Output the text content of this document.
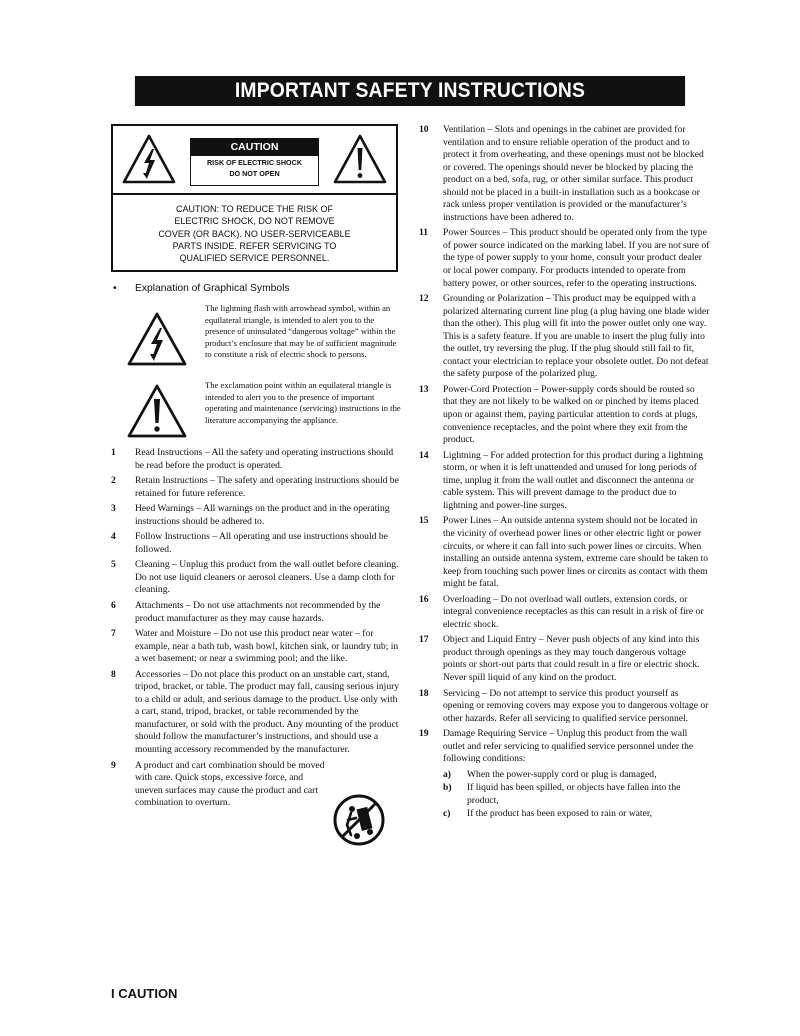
IMPORTANT SAFETY INSTRUCTIONS
CAUTION
RISK OF ELECTRIC SHOCK
DO NOT OPEN
CAUTION: TO REDUCE THE RISK OF
ELECTRIC SHOCK, DO NOT REMOVE
COVER (OR BACK). NO USER-SERVICEABLE
PARTS INSIDE. REFER SERVICING TO
QUALIFIED SERVICE PERSONNEL.
• Explanation of Graphical Symbols
The lightning flash with arrowhead symbol, within an equilateral triangle, is intended to alert you to the presence of uninsulated “dangerous voltage” within the product’s enclosure that may be of sufficient magnitude to constitute a risk of electric shock to persons.
The exclamation point within an equilateral triangle is intended to alert you to the presence of important operating and maintenance (servicing) instructions in the literature accompanying the appliance.
1 Read Instructions – All the safety and operating instructions should be read before the product is operated.
2 Retain Instructions – The safety and operating instructions should be retained for future reference.
3 Heed Warnings – All warnings on the product and in the operating instructions should be adhered to.
4 Follow Instructions – All operating and use instructions should be followed.
5 Cleaning – Unplug this product from the wall outlet before cleaning. Do not use liquid cleaners or aerosol cleaners. Use a damp cloth for cleaning.
6 Attachments – Do not use attachments not recommended by the product manufacturer as they may cause hazards.
7 Water and Moisture – Do not use this product near water – for example, near a bath tub, wash bowl, kitchen sink, or laundry tub; in a wet basement; or near a swimming pool; and the like.
8 Accessories – Do not place this product on an unstable cart, stand, tripod, bracket, or table. The product may fall, causing serious injury to a child or adult, and serious damage to the product. Use only with a cart, stand, tripod, bracket, or table recommended by the manufacturer, or sold with the product. Any mounting of the product should follow the manufacturer’s instructions, and should use a mounting accessory recommended by the manufacturer.
9 A product and cart combination should be moved with care. Quick stops, excessive force, and uneven surfaces may cause the product and cart combination to overturn.
10 Ventilation – Slots and openings in the cabinet are provided for ventilation and to ensure reliable operation of the product and to protect it from overheating, and these openings must not be blocked or covered. The openings should never be blocked by placing the product on a bed, sofa, rug, or other similar surface. This product should not be placed in a built-in installation such as a bookcase or rack unless proper ventilation is provided or the manufacturer’s instructions have been adhered to.
11 Power Sources – This product should be operated only from the type of power source indicated on the marking label. If you are not sure of the type of power supply to your home, consult your product dealer or local power company. For products intended to operate from battery power, or other sources, refer to the operating instructions.
12 Grounding or Polarization – This product may be equipped with a polarized alternating current line plug (a plug having one blade wider than the other). This plug will fit into the power outlet only one way. This is a safety feature. If you are unable to insert the plug fully into the outlet, try reversing the plug. If the plug should still fail to fit, contact your electrician to replace your obsolete outlet. Do not defeat the safety purpose of the polarized plug.
13 Power-Cord Protection – Power-supply cords should be routed so that they are not likely to be walked on or pinched by items placed upon or against them, paying particular attention to cords at plugs, convenience receptacles, and the point where they exit from the product.
14 Lightning – For added protection for this product during a lightning storm, or when it is left unattended and unused for long periods of time, unplug it from the wall outlet and disconnect the antenna or cable system. This will prevent damage to the product due to lightning and power-line surges.
15 Power Lines – An outside antenna system should not be located in the vicinity of overhead power lines or other electric light or power circuits, or where it can fall into such power lines or circuits. When installing an outside antenna system, extreme care should be taken to keep from touching such power lines or circuits as contact with them might be fatal.
16 Overloading – Do not overload wall outlets, extension cords, or integral convenience receptacles as this can result in a risk of fire or electric shock.
17 Object and Liquid Entry – Never push objects of any kind into this product through openings as they may touch dangerous voltage points or short-out parts that could result in a fire or electric shock. Never spill liquid of any kind on the product.
18 Servicing – Do not attempt to service this product yourself as opening or removing covers may expose you to dangerous voltage or other hazards. Refer all servicing to qualified service personnel.
19 Damage Requiring Service – Unplug this product from the wall outlet and refer servicing to qualified service personnel under the following conditions:
a) When the power-supply cord or plug is damaged,
b) If liquid has been spilled, or objects have fallen into the product,
c) If the product has been exposed to rain or water,
I CAUTION
